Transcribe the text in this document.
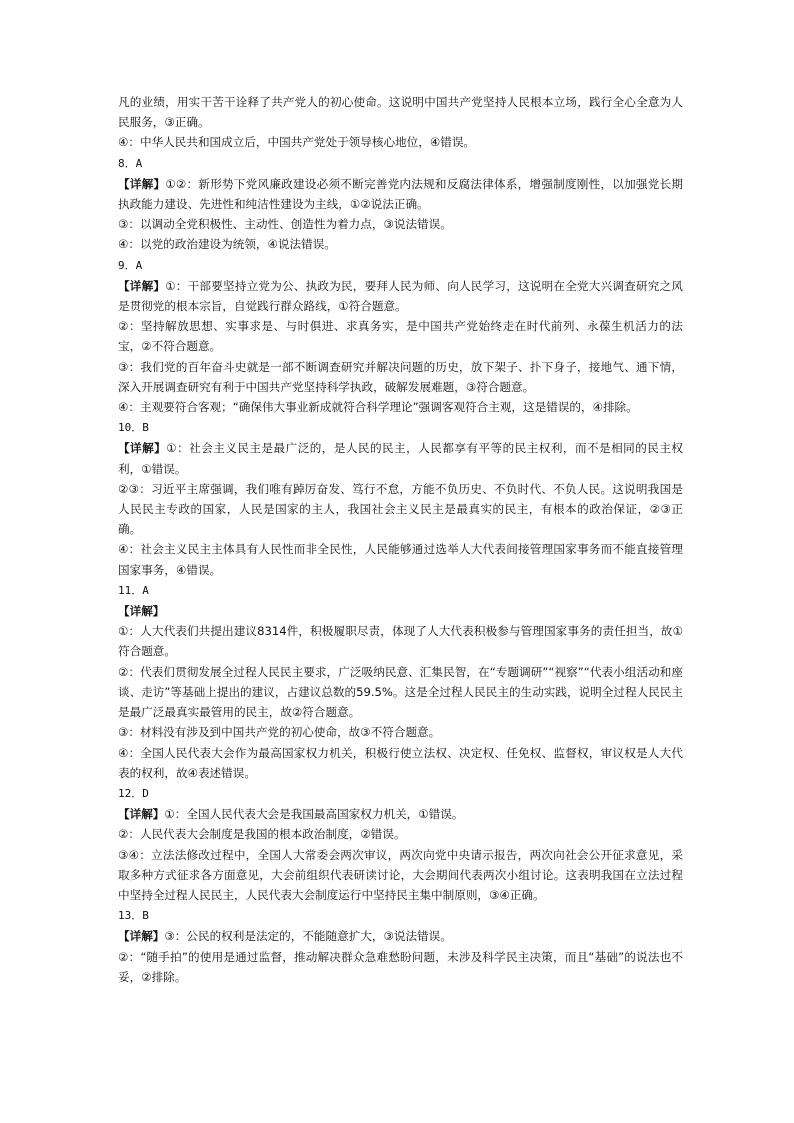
凡的业绩，用实干苦干诠释了共产党人的初心使命。这说明中国共产党坚持人民根本立场，践行全心全意为人民服务，③正确。

④：中华人民共和国成立后，中国共产党处于领导核心地位，④错误。

8．A

【详解】①②：新形势下党风廉政建设必须不断完善党内法规和反腐法律体系，增强制度刚性，以加强党长期执政能力建设、先进性和纯洁性建设为主线，①②说法正确。

③：以调动全党积极性、主动性、创造性为着力点，③说法错误。

④：以党的政治建设为统领，④说法错误。

9．A

【详解】①：干部要坚持立党为公、执政为民，要拜人民为师、向人民学习，这说明在全党大兴调查研究之风是贯彻党的根本宗旨，自觉践行群众路线，①符合题意。

②：坚持解放思想、实事求是、与时俱进、求真务实，是中国共产党始终走在时代前列、永葆生机活力的法宝，②不符合题意。

③：我们党的百年奋斗史就是一部不断调查研究并解决问题的历史，放下架子、扑下身子，接地气、通下情，深入开展调查研究有利于中国共产党坚持科学执政，破解发展难题，③符合题意。

④：主观要符合客观；“确保伟大事业新成就符合科学理论”强调客观符合主观，这是错误的，④排除。

10．B

【详解】①：社会主义民主是最广泛的，是人民的民主，人民都享有平等的民主权利，而不是相同的民主权利，①错误。

②③：习近平主席强调，我们唯有踔厉奋发、笃行不怠，方能不负历史、不负时代、不负人民。这说明我国是人民民主专政的国家，人民是国家的主人，我国社会主义民主是最真实的民主，有根本的政治保证，②③正确。

④：社会主义民主主体具有人民性而非全民性，人民能够通过选举人大代表间接管理国家事务而不能直接管理国家事务，④错误。

11．A

【详解】

①：人大代表们共提出建议8314件，积极履职尽责，体现了人大代表积极参与管理国家事务的责任担当，故①符合题意。

②：代表们贯彻发展全过程人民民主要求，广泛吸纳民意、汇集民智，在“专题调研”“视察”“代表小组活动和座谈、走访”等基础上提出的建议，占建议总数的59.5%。这是全过程人民民主的生动实践，说明全过程人民民主是最广泛最真实最管用的民主，故②符合题意。

③：材料没有涉及到中国共产党的初心使命，故③不符合题意。

④：全国人民代表大会作为最高国家权力机关，积极行使立法权、决定权、任免权、监督权，审议权是人大代表的权利，故④表述错误。

12．D

【详解】①：全国人民代表大会是我国最高国家权力机关，①错误。

②：人民代表大会制度是我国的根本政治制度，②错误。

③④：立法法修改过程中，全国人大常委会两次审议，两次向党中央请示报告，两次向社会公开征求意见，采取多种方式征求各方面意见，大会前组织代表研读讨论，大会期间代表两次小组讨论。这表明我国在立法过程中坚持全过程人民民主，人民代表大会制度运行中坚持民主集中制原则，③④正确。

13．B

【详解】③：公民的权利是法定的，不能随意扩大，③说法错误。

②：“随手拍”的使用是通过监督，推动解决群众急难愁盼问题，未涉及科学民主决策，而且“基础”的说法也不妥，②排除。
